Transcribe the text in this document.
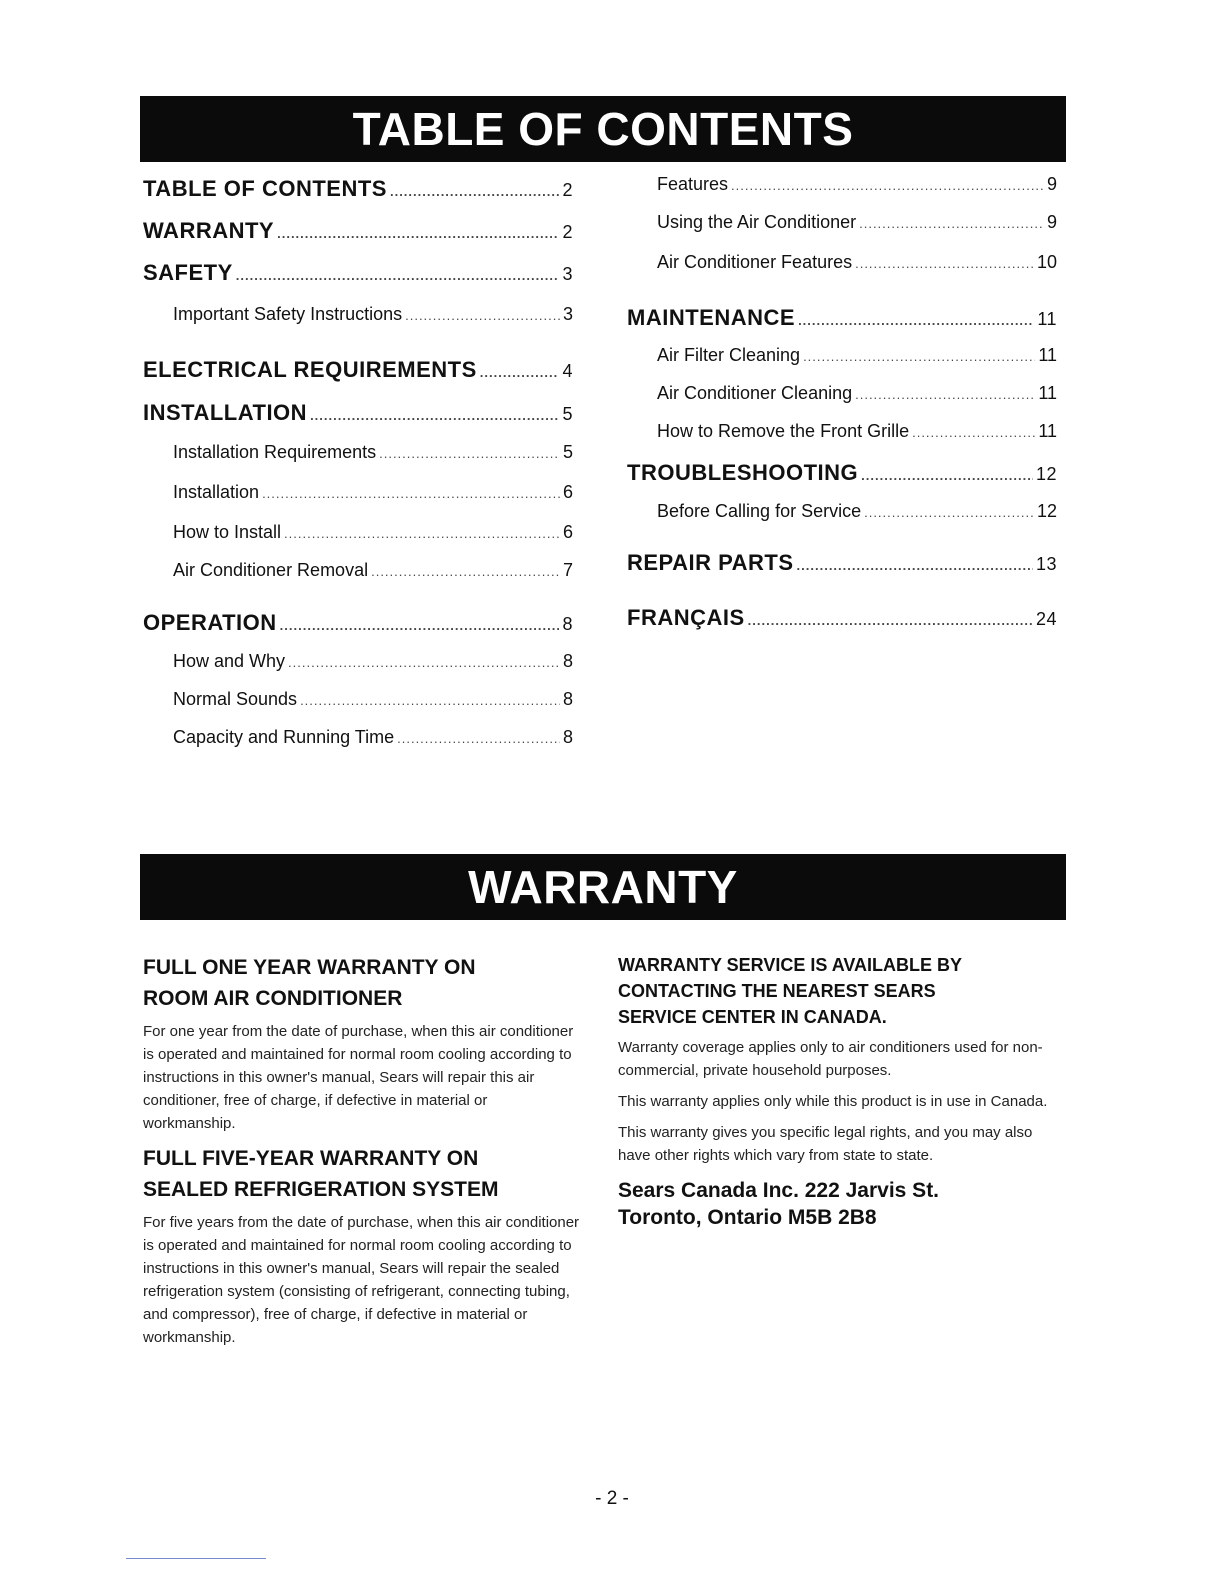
TABLE OF CONTENTS
TABLE OF CONTENTS .....	2
WARRANTY .....	2
SAFETY .....	3
Important Safety Instructions .....	3
ELECTRICAL REQUIREMENTS .....	4
INSTALLATION .....	5
Installation Requirements .....	5
Installation .....	6
How to Install .....	6
Air Conditioner Removal .....	7
OPERATION .....	8
How and Why .....	8
Normal Sounds .....	8
Capacity and Running Time .....	8
Features .....	9
Using the Air Conditioner .....	9
Air Conditioner Features .....	10
MAINTENANCE .....	11
Air Filter Cleaning .....	11
Air Conditioner Cleaning .....	11
How to Remove the Front Grille .....	11
TROUBLESHOOTING .....	12
Before Calling for Service .....	12
REPAIR PARTS .....	13
FRANÇAIS .....	24
WARRANTY
FULL ONE YEAR WARRANTY ON
ROOM AIR CONDITIONER

For one year from the date of purchase, when this air conditioner is operated and maintained for normal room cooling according to instructions in this owner's manual, Sears will repair this air conditioner, free of charge, if defective in material or workmanship.

FULL FIVE-YEAR WARRANTY ON
SEALED REFRIGERATION SYSTEM

For five years from the date of purchase, when this air conditioner is operated and maintained for normal room cooling according to instructions in this owner's manual, Sears will repair the sealed refrigeration system (consisting of refrigerant, connecting tubing, and compressor), free of charge, if defective in material or workmanship.

WARRANTY SERVICE IS AVAILABLE BY
CONTACTING THE NEAREST SEARS
SERVICE CENTER IN CANADA.

Warranty coverage applies only to air conditioners used for non-commercial, private household purposes.

This warranty applies only while this product is in use in Canada.

This warranty gives you specific legal rights, and you may also have other rights which vary from state to state.

Sears Canada Inc. 222 Jarvis St.
Toronto, Ontario M5B 2B8
- 2 -
